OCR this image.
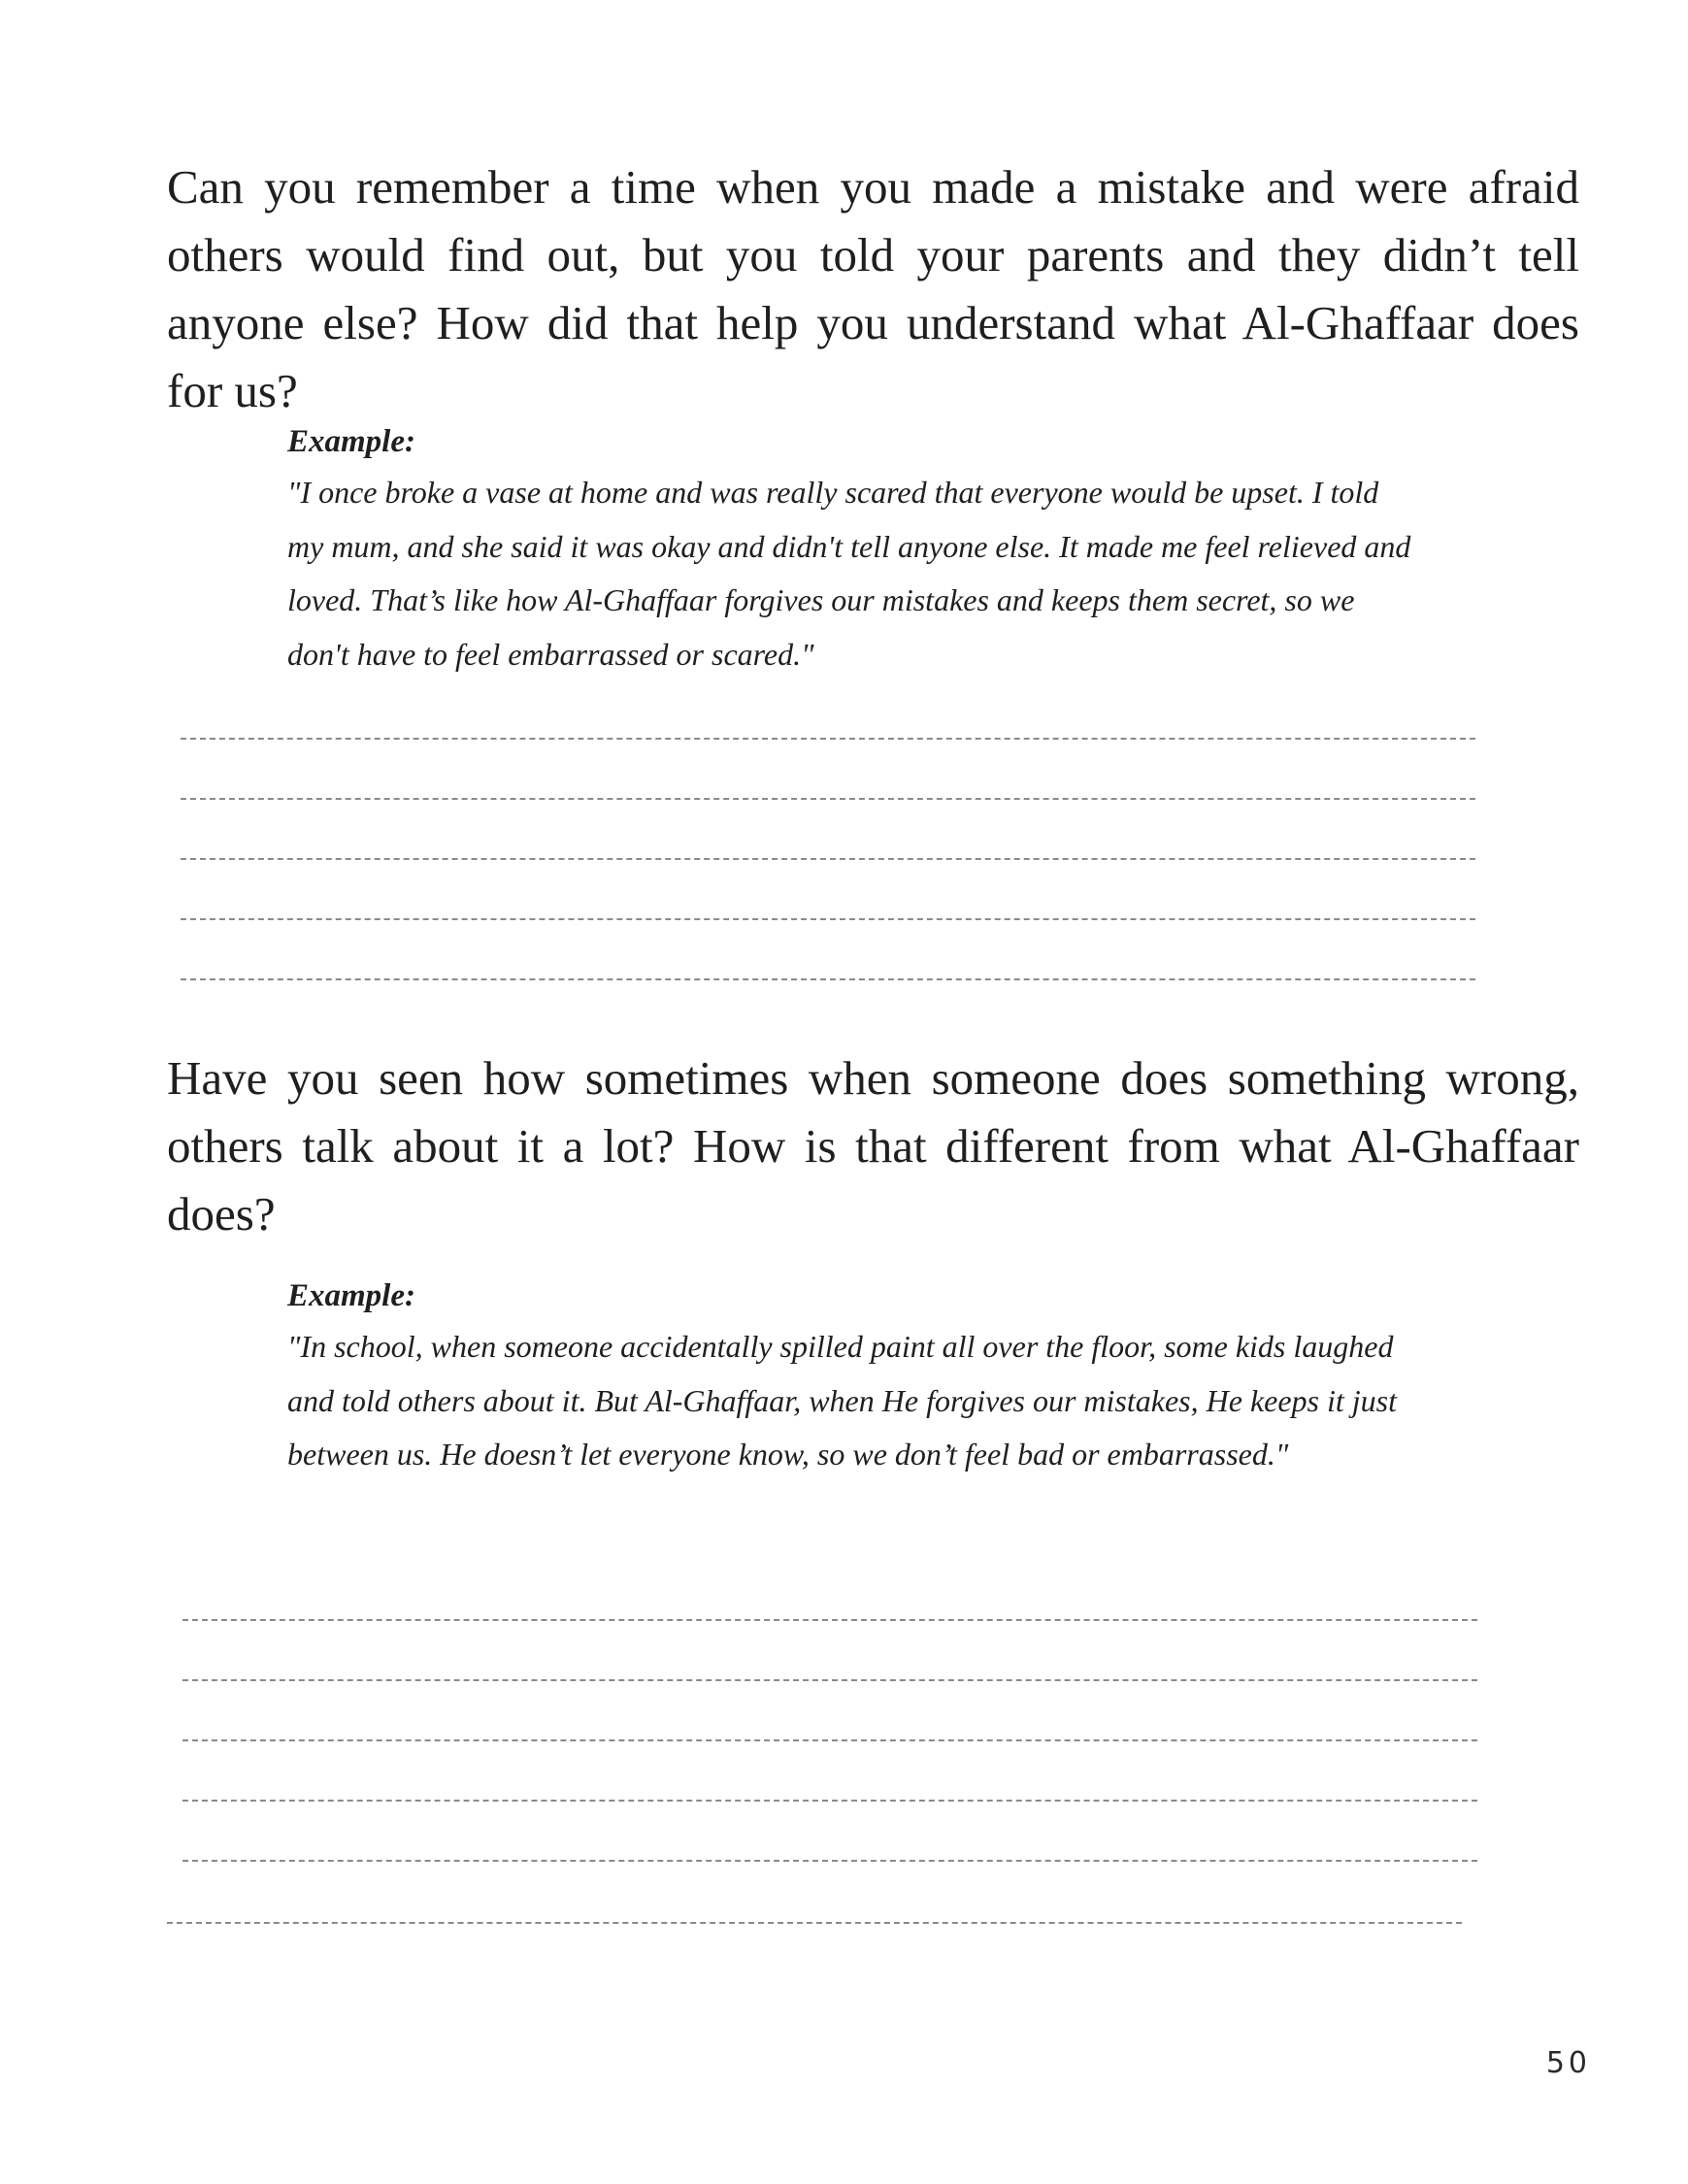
Can you remember a time when you made a mistake and were afraid others would find out, but you told your parents and they didn’t tell anyone else? How did that help you understand what Al-Ghaffaar does for us?

Example:
"I once broke a vase at home and was really scared that everyone would be upset. I told my mum, and she said it was okay and didn't tell anyone else. It made me feel relieved and loved. That’s like how Al-Ghaffaar forgives our mistakes and keeps them secret, so we don't have to feel embarrassed or scared."

Have you seen how sometimes when someone does something wrong, others talk about it a lot? How is that different from what Al-Ghaffaar does?

Example:
"In school, when someone accidentally spilled paint all over the floor, some kids laughed and told others about it. But Al-Ghaffaar, when He forgives our mistakes, He keeps it just between us. He doesn’t let everyone know, so we don’t feel bad or embarrassed."

50
